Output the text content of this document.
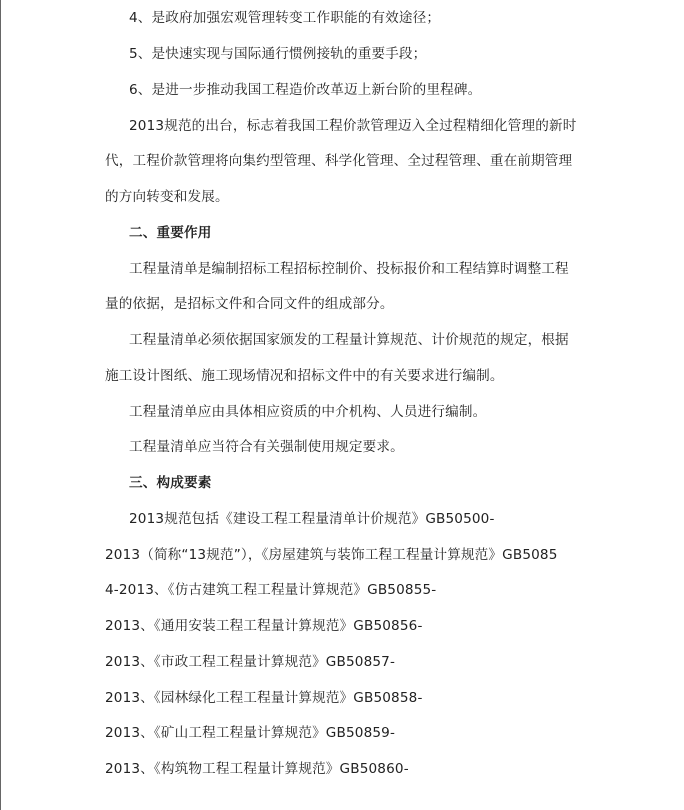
4、是政府加强宏观管理转变工作职能的有效途径；
5、是快速实现与国际通行惯例接轨的重要手段；
6、是进一步推动我国工程造价改革迈上新台阶的里程碑。
2013规范的出台，标志着我国工程价款管理迈入全过程精细化管理的新时
代，工程价款管理将向集约型管理、科学化管理、全过程管理、重在前期管理
的方向转变和发展。
二、重要作用
工程量清单是编制招标工程招标控制价、投标报价和工程结算时调整工程
量的依据，是招标文件和合同文件的组成部分。
工程量清单必须依据国家颁发的工程量计算规范、计价规范的规定，根据
施工设计图纸、施工现场情况和招标文件中的有关要求进行编制。
工程量清单应由具体相应资质的中介机构、人员进行编制。
工程量清单应当符合有关强制使用规定要求。
三、构成要素
2013规范包括《建设工程工程量清单计价规范》GB50500-
2013（简称“13规范”），《房屋建筑与装饰工程工程量计算规范》GB5085
4-2013、《仿古建筑工程工程量计算规范》GB50855-
2013、《通用安装工程工程量计算规范》GB50856-
2013、《市政工程工程量计算规范》GB50857-
2013、《园林绿化工程工程量计算规范》GB50858-
2013、《矿山工程工程量计算规范》GB50859-
2013、《构筑物工程工程量计算规范》GB50860-
